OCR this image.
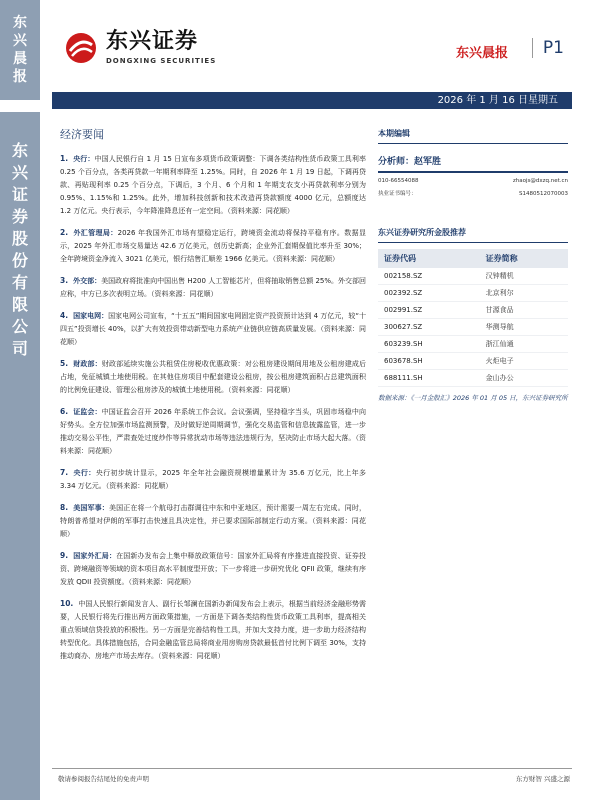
东
兴
晨
报
东
兴
证
券
股
份
有
限
公
司
东兴证券
DONGXING SECURITIES	东兴晨报	P1
2026 年 1 月 16 日星期五
经济要闻
1. 央行：中国人民银行自 1 月 15 日宣布多项货币政策调整：下调各类结构性货币政策工具利率 0.25 个百分点，各类再贷款一年期利率降至 1.25%。同时，自 2026 年 1 月 19 日起，下调再贷款、再贴现利率 0.25 个百分点，下调后，3 个月、6 个月和 1 年期支农支小再贷款利率分别为 0.95%、1.15%和 1.25%。此外，增加科技创新和技术改造再贷款额度 4000 亿元，总额度达 1.2 万亿元。央行表示，今年降准降息还有一定空间。（资料来源：同花顺）
2. 外汇管理局：2026 年我国外汇市场有望稳定运行，跨境资金流动将保持平稳有序。数据显示，2025 年外汇市场交易量达 42.6 万亿美元，创历史新高；企业外汇套期保值比率升至 30%；全年跨境资金净流入 3021 亿美元，银行结售汇顺差 1966 亿美元。（资料来源：同花顺）
3. 外交部：美国政府将批准向中国出售 H200 人工智能芯片，但将抽取销售总额 25%。外交部回应称，中方已多次表明立场。（资料来源：同花顺）
4. 国家电网：国家电网公司宣布，“十五五”期间国家电网固定资产投资预计达到 4 万亿元，较“十四五”投资增长 40%，以扩大有效投资带动新型电力系统产业链供应链高质量发展。（资料来源：同花顺）
5. 财政部：财政部延续实施公共租赁住房税收优惠政策：对公租房建设期间用地及公租房建成后占地，免征城镇土地使用税。在其他住房项目中配套建设公租房，按公租房建筑面积占总建筑面积的比例免征建设、管理公租房涉及的城镇土地使用税。（资料来源：同花顺）
6. 证监会：中国证监会召开 2026 年系统工作会议。会议强调，坚持稳字当头，巩固市场稳中向好势头。全方位加强市场监测预警，及时做好逆周期调节，强化交易监管和信息披露监管，进一步推动交易公平性，严肃查处过度炒作等异常扰动市场等违法违规行为，坚决防止市场大起大落。（资料来源：同花顺）
7. 央行：央行初步统计显示，2025 年全年社会融资规模增量累计为 35.6 万亿元，比上年多 3.34 万亿元。（资料来源：同花顺）
8. 美国军事：美国正在将一个航母打击群调往中东和中亚地区，预计需要一周左右完成。同时，特朗普希望对伊朗的军事打击快速且具决定性，并已要求国际部制定行动方案。（资料来源：同花顺）
9. 国家外汇局：在国新办发布会上集中释放政策信号：国家外汇局将有序推进直接投资、证券投资、跨境融资等领域的资本项目高水平制度型开放；下一步将进一步研究优化 QFII 政策，继续有序发放 QDII 投资额度。（资料来源：同花顺）
10. 中国人民银行新闻发言人、副行长邹澜在国新办新闻发布会上表示，根据当前经济金融形势需要，人民银行将先行推出两方面政策措施，一方面是下调各类结构性货币政策工具利率，提高相关重点领域信贷投放的积极性。另一方面是完善结构性工具，并加大支持力度，进一步助力经济结构转型优化。具体措施包括，合同金融监管总局将商业用房购房贷款最低首付比例下调至 30%，支持推动商办、房地产市场去库存。（资料来源：同花顺）
本期编辑
分析师：赵军胜
010-66554088	zhaojs@dxzq.net.cn
执业证书编号：	S1480512070003
东兴证券研究所金股推荐
证券代码	证券简称
002158.SZ	汉钟精机
002392.SZ	北京利尔
002991.SZ	甘源食品
300627.SZ	华测导航
603239.SH	浙江仙通
603678.SH	火炬电子
688111.SH	金山办公
数据来源：《一月金股汇》2026 年 01 月 05 日，东兴证券研究所
敬请参阅报告结尾处的免责声明	东方财智 兴盛之源
